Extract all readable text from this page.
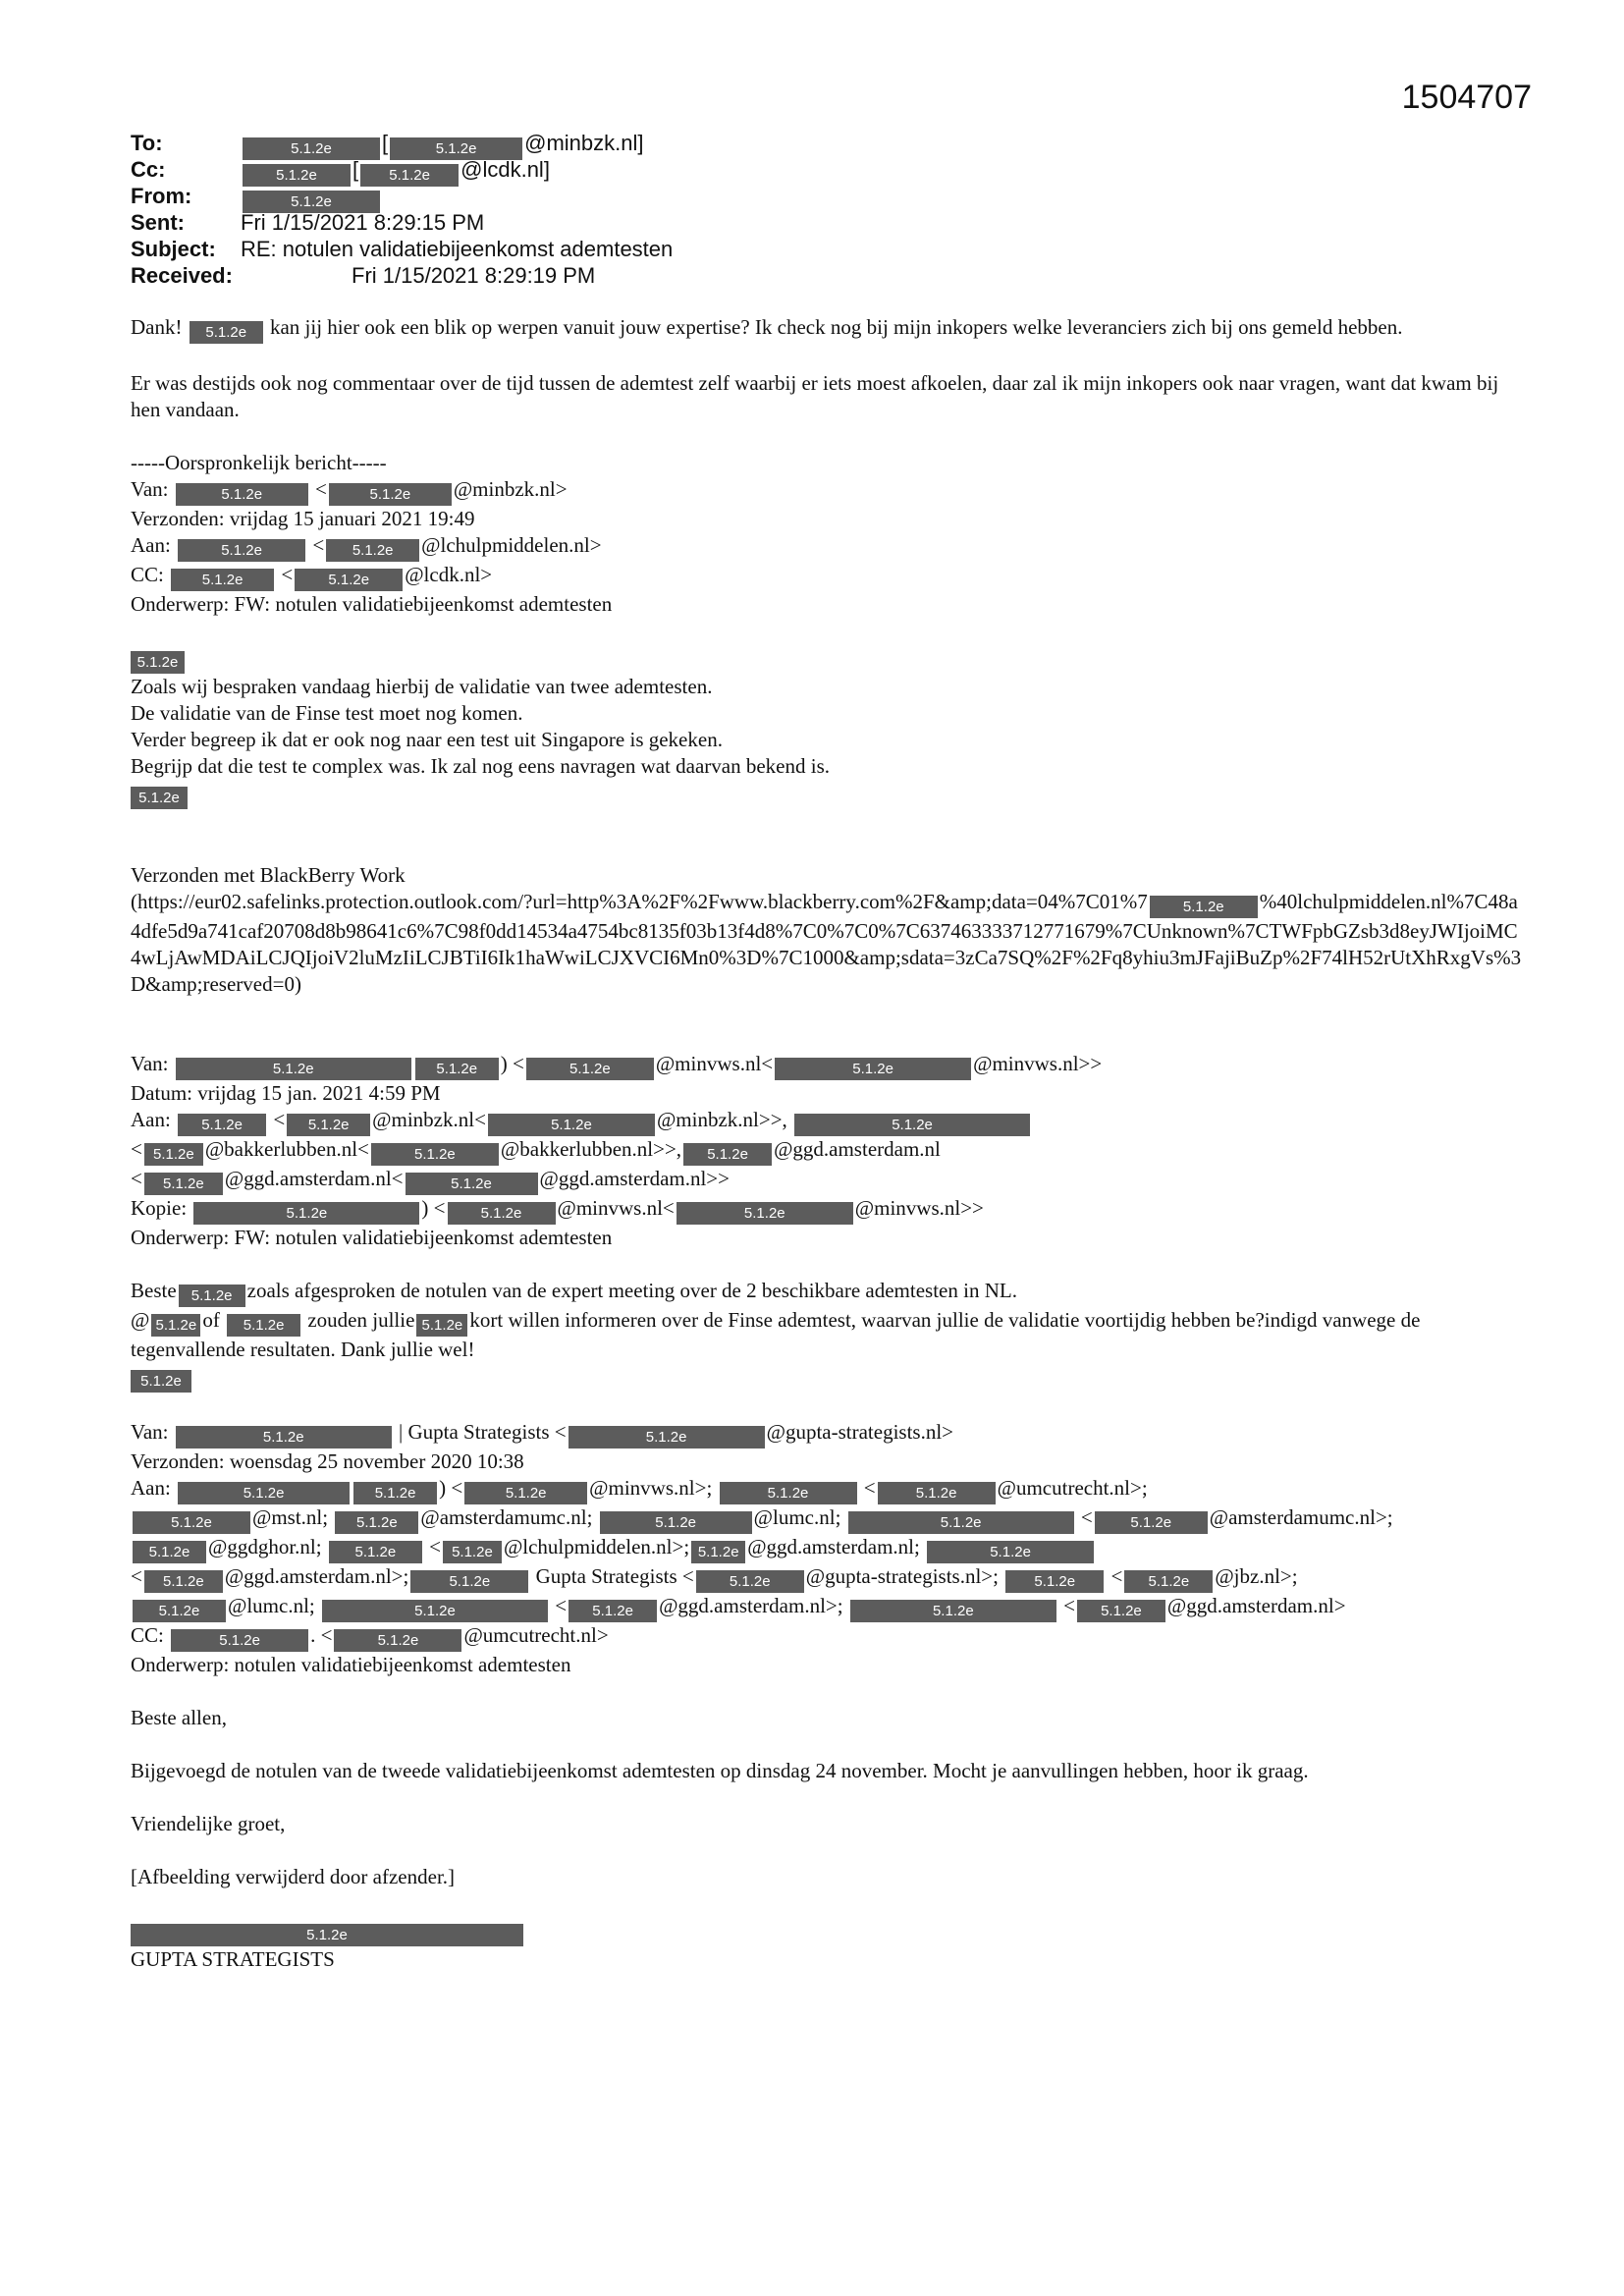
1504707
To:	5.1.2e [	5.1.2e @minbzk.nl]
Cc:	5.1.2e [ 5.1.2e @lcdk.nl]
From:	5.1.2e
Sent:	Fri 1/15/2021 8:29:15 PM
Subject: RE: notulen validatiebijeenkomst ademtesten
Received:	Fri 1/15/2021 8:29:19 PM

Dank! 5.1.2e kan jij hier ook een blik op werpen vanuit jouw expertise? Ik check nog bij mijn inkopers welke leveranciers zich bij ons gemeld hebben.

Er was destijds ook nog commentaar over de tijd tussen de ademtest zelf waarbij er iets moest afkoelen, daar zal ik mijn inkopers ook naar vragen, want dat kwam bij hen vandaan.

-----Oorspronkelijk bericht-----

Van:	5.1.2e <	5.1.2e @minbzk.nl>

Verzonden: vrijdag 15 januari 2021 19:49

Aan:	5.1.2e < 5.1.2e @lchulpmiddelen.nl>

CC:	5.1.2e < 5.1.2e @lcdk.nl>

Onderwerp: FW: notulen validatiebijeenkomst ademtesten

5.1.2e

Zoals wij bespraken vandaag hierbij de validatie van twee ademtesten.

De validatie van de Finse test moet nog komen.

Verder begreep ik dat er ook nog naar een test uit Singapore is gekeken.

Begrijp dat die test te complex was. Ik zal nog eens navragen wat daarvan bekend is.

5.1.2e

Verzonden met BlackBerry Work

(https://eur02.safelinks.protection.outlook.com/?url=http%3A%2F%2Fwww.blackberry.com%2F&amp;data=04%7C01%7 5.1.2e %40lchulpmiddelen.nl%7C48a4dfe5d9a741caf20708d8b98641c6%7C98f0dd14534a4754bc8135f03b13f4d8%7C0%7C0%7C637463333712771679%7CUnknown%7CTWFpbGZsb3d8eyJWIjoiMC4wLjAwMDAiLCJQIjoiV2luMzIiLCJBTiI6Ik1haWwiLCJXVCI6Mn0%3D%7C1000&amp;sdata=3zCa7SQ%2F%2Fq8yhiu3mJFajiBuZp%2F74lH52rUtXhRxgVs%3D&amp;reserved=0)

Van:	5.1.2e	5.1.2e ) <	5.1.2e @minvws.nl<	5.1.2e	@minvws.nl>>

Datum: vrijdag 15 jan. 2021 4:59 PM

Aan: 5.1.2e < 5.1.2e @minbzk.nl<	5.1.2e	@minbzk.nl>>,	5.1.2e

< 5.1.2e @bakkerlubben.nl<	5.1.2e @bakkerlubben.nl>>, 5.1.2e @ggd.amsterdam.nl

< 5.1.2e @ggd.amsterdam.nl<	5.1.2e @ggd.amsterdam.nl>>

Kopie:	5.1.2e	) < 5.1.2e @minvws.nl<	5.1.2e	@minvws.nl>>

Onderwerp: FW: notulen validatiebijeenkomst ademtesten

Beste 5.1.2e zoals afgesproken de notulen van de expert meeting over de 2 beschikbare ademtesten in NL.
@ 5.1.2e of 5.1.2e zouden jullie 5.1.2e kort willen informeren over de Finse ademtest, waarvan jullie de validatie voortijdig hebben be?indigd vanwege de tegenvallende resultaten. Dank jullie wel!

5.1.2e

Van:	5.1.2e	| Gupta Strategists <	5.1.2e	@gupta-strategists.nl>

Verzonden: woensdag 25 november 2020 10:38

Aan:	5.1.2e	5.1.2e ) <	5.1.2e @minvws.nl>;	5.1.2e <	5.1.2e @umcutrecht.nl>;

5.1.2e @mst.nl; 5.1.2e @amsterdamumc.nl;	5.1.2e	@lumc.nl;	5.1.2e	<	5.1.2e @amsterdamumc.nl>;

5.1.2e @ggdghor.nl; 5.1.2e < 5.1.2e @lchulpmiddelen.nl>; 5.1.2e @ggd.amsterdam.nl;	5.1.2e

< 5.1.2e @ggd.amsterdam.nl>;	5.1.2e Gupta Strategists < 5.1.2e @gupta-strategists.nl>; 5.1.2e < 5.1.2e @jbz.nl>;

5.1.2e @lumc.nl;	5.1.2e	< 5.1.2e @ggd.amsterdam.nl>;	5.1.2e	< 5.1.2e @ggd.amsterdam.nl>

CC:	5.1.2e . <	5.1.2e @umcutrecht.nl>

Onderwerp: notulen validatiebijeenkomst ademtesten

Beste allen,

Bijgevoegd de notulen van de tweede validatiebijeenkomst ademtesten op dinsdag 24 november. Mocht je aanvullingen hebben, hoor ik graag.

Vriendelijke groet,

[Afbeelding verwijderd door afzender.]

5.1.2e

GUPTA STRATEGISTS
